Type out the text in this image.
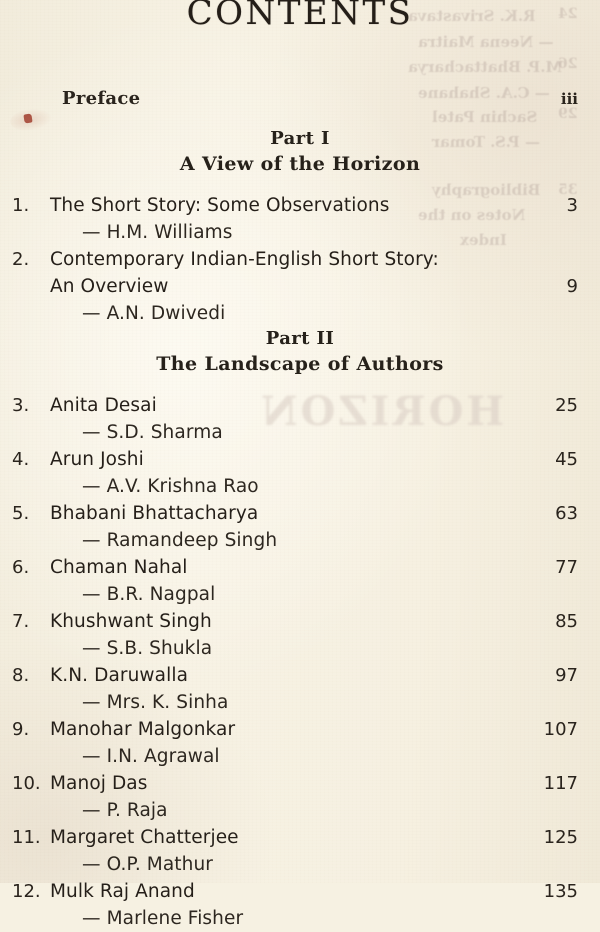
24
R.K. Srivastava
— Neena Maitra
26
M.P. Bhattacharya
— C.A. Shahane
29
Sachin Patel
— P.S. Tomar
35
Bibliography
Notes on the
Index
HORIZON
CONTENTS
Preface	iii
Part I
A View of the Horizon
1.	The Short Story: Some Observations	3
— H.M. Williams
2.	Contemporary Indian-English Short Story:
An Overview	9
— A.N. Dwivedi
Part II
The Landscape of Authors
3.	Anita Desai	25
— S.D. Sharma
4.	Arun Joshi	45
— A.V. Krishna Rao
5.	Bhabani Bhattacharya	63
— Ramandeep Singh
6.	Chaman Nahal	77
— B.R. Nagpal
7.	Khushwant Singh	85
— S.B. Shukla
8.	K.N. Daruwalla	97
— Mrs. K. Sinha
9.	Manohar Malgonkar	107
— I.N. Agrawal
10. Manoj Das	117
— P. Raja
11. Margaret Chatterjee	125
— O.P. Mathur
12. Mulk Raj Anand	135
— Marlene Fisher
